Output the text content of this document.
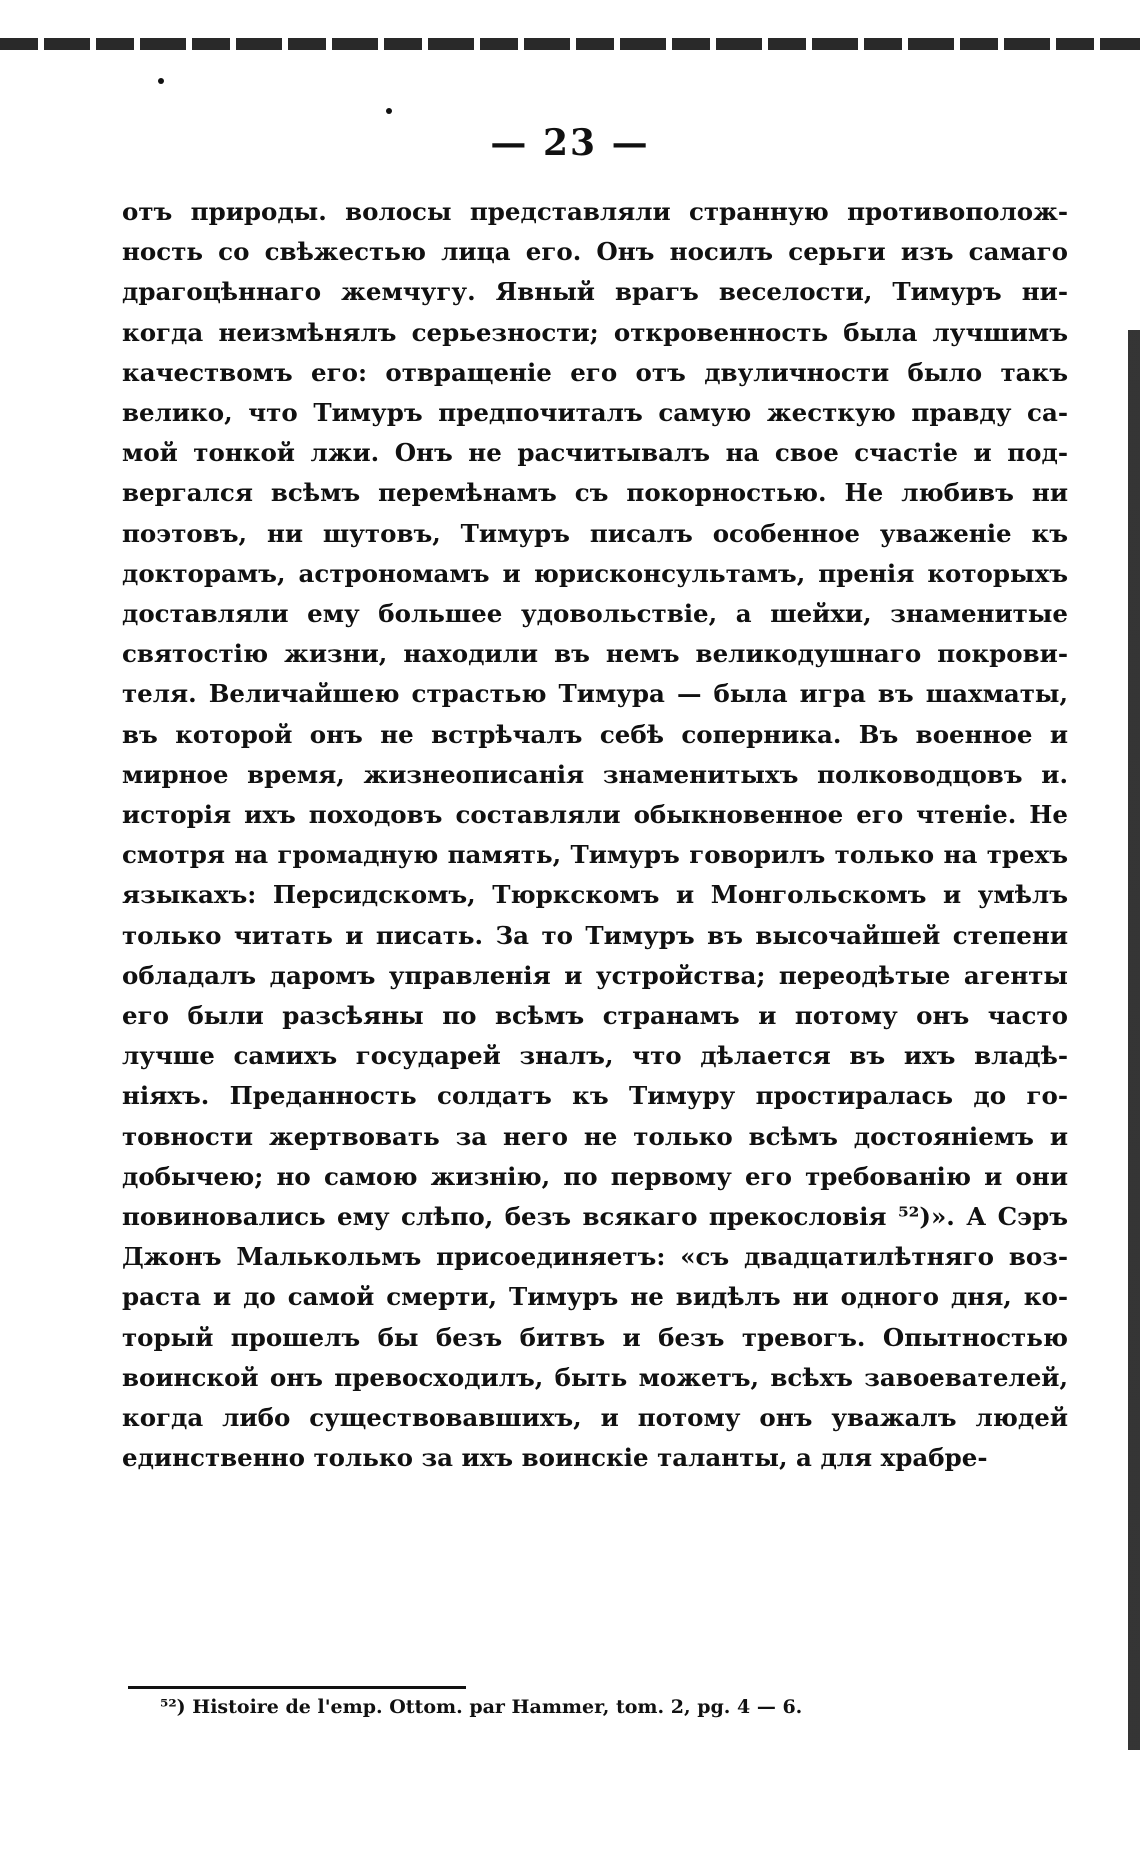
— 23 —
отъ природы. волосы представляли странную противополож-
ность со свѣжестью лица его. Онъ носилъ серьги изъ самаго
драгоцѣннаго жемчугу. Явный врагъ веселости, Тимуръ ни-
когда неизмѣнялъ серьезности; откровенность была лучшимъ
качествомъ его: отвращеніе его отъ двуличности было такъ
велико, что Тимуръ предпочиталъ самую жесткую правду са-
мой тонкой лжи. Онъ не расчитывалъ на свое счастіе и под-
вергался всѣмъ перемѣнамъ съ покорностью. Не любивъ ни
поэтовъ, ни шутовъ, Тимуръ писалъ особенное уваженіе къ
докторамъ, астрономамъ и юрисконсультамъ, пренія которыхъ
доставляли ему большее удовольствіе, а шейхи, знаменитые
святостію жизни, находили въ немъ великодушнаго покрови-
теля. Величайшею страстью Тимура — была игра въ шахматы,
въ которой онъ не встрѣчалъ себѣ соперника. Въ военное и
мирное время, жизнеописанія знаменитыхъ полководцовъ и.
исторія ихъ походовъ составляли обыкновенное его чтеніе. Не
смотря на громадную память, Тимуръ говорилъ только на трехъ
языкахъ: Персидскомъ, Тюркскомъ и Монгольскомъ и умѣлъ
только читать и писать. За то Тимуръ въ высочайшей степени
обладалъ даромъ управленія и устройства; переодѣтые агенты
его были разсѣяны по всѣмъ странамъ и потому онъ часто
лучше самихъ государей зналъ, что дѣлается въ ихъ владѣ-
ніяхъ. Преданность солдатъ къ Тимуру простиралась до го-
товности жертвовать за него не только всѣмъ достояніемъ и
добычею; но самою жизнію, по первому его требованію и они
повиновались ему слѣпо, безъ всякаго прекословія ⁵²)». А Сэръ
Джонъ Малькольмъ присоединяетъ: «съ двадцатилѣтняго воз-
раста и до самой смерти, Тимуръ не видѣлъ ни одного дня, ко-
торый прошелъ бы безъ битвъ и безъ тревогъ. Опытностью
воинской онъ превосходилъ, быть можетъ, всѣхъ завоевателей,
когда либо существовавшихъ, и потому онъ уважалъ людей
единственно только за ихъ воинскіе таланты, а для храбре-
⁵²) Histoire de l'emp. Ottom. par Hammer, tom. 2, pg. 4 — 6.
